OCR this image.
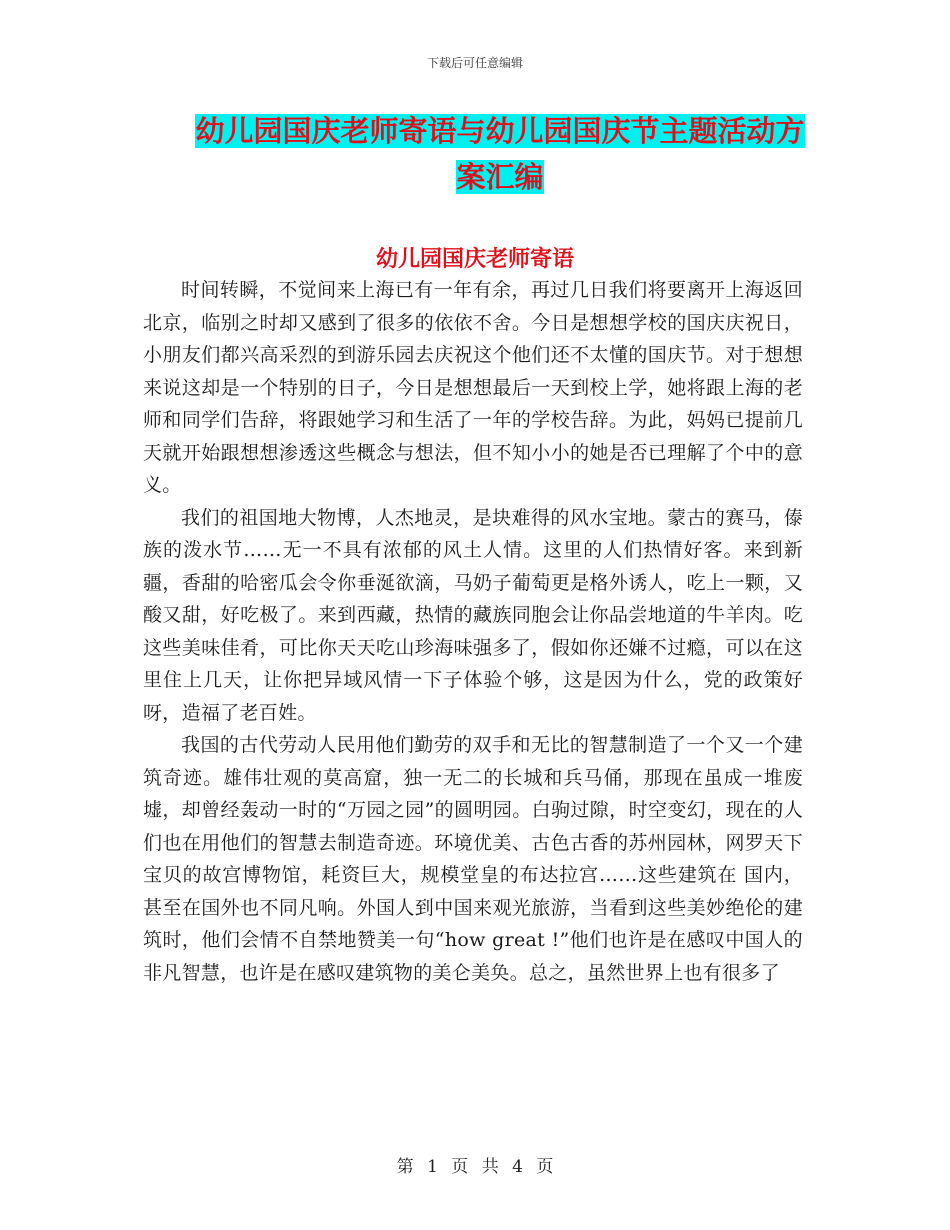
下载后可任意编辑
幼儿园国庆老师寄语与幼儿园国庆节主题活动方案汇编
幼儿园国庆老师寄语

时间转瞬，不觉间来上海已有一年有余，再过几日我们将要离开上海返回北京，临别之时却又感到了很多的依依不舍。今日是想想学校的国庆庆祝日，小朋友们都兴高采烈的到游乐园去庆祝这个他们还不太懂的国庆节。对于想想来说这却是一个特别的日子，今日是想想最后一天到校上学，她将跟上海的老师和同学们告辞，将跟她学习和生活了一年的学校告辞。为此，妈妈已提前几天就开始跟想想渗透这些概念与想法，但不知小小的她是否已理解了个中的意义。

我们的祖国地大物博，人杰地灵，是块难得的风水宝地。蒙古的赛马，傣族的泼水节……无一不具有浓郁的风土人情。这里的人们热情好客。来到新疆，香甜的哈密瓜会令你垂涎欲滴，马奶子葡萄更是格外诱人，吃上一颗，又酸又甜，好吃极了。来到西藏，热情的藏族同胞会让你品尝地道的牛羊肉。吃这些美味佳肴，可比你天天吃山珍海味强多了，假如你还嫌不过瘾，可以在这里住上几天，让你把异域风情一下子体验个够，这是因为什么，党的政策好呀，造福了老百姓。

我国的古代劳动人民用他们勤劳的双手和无比的智慧制造了一个又一个建筑奇迹。雄伟壮观的莫高窟，独一无二的长城和兵马俑，那现在虽成一堆废墟，却曾经轰动一时的“万园之园”的圆明园。白驹过隙，时空变幻，现在的人们也在用他们的智慧去制造奇迹。环境优美、古色古香的苏州园林，网罗天下宝贝的故宫博物馆，耗资巨大，规模堂皇的布达拉宫……这些建筑在 国内，甚至在国外也不同凡响。外国人到中国来观光旅游，当看到这些美妙绝伦的建筑时，他们会情不自禁地赞美一句“how great !”他们也许是在感叹中国人的非凡智慧，也许是在感叹建筑物的美仑美奂。总之，虽然世界上也有很多了

第 1 页 共 4 页
